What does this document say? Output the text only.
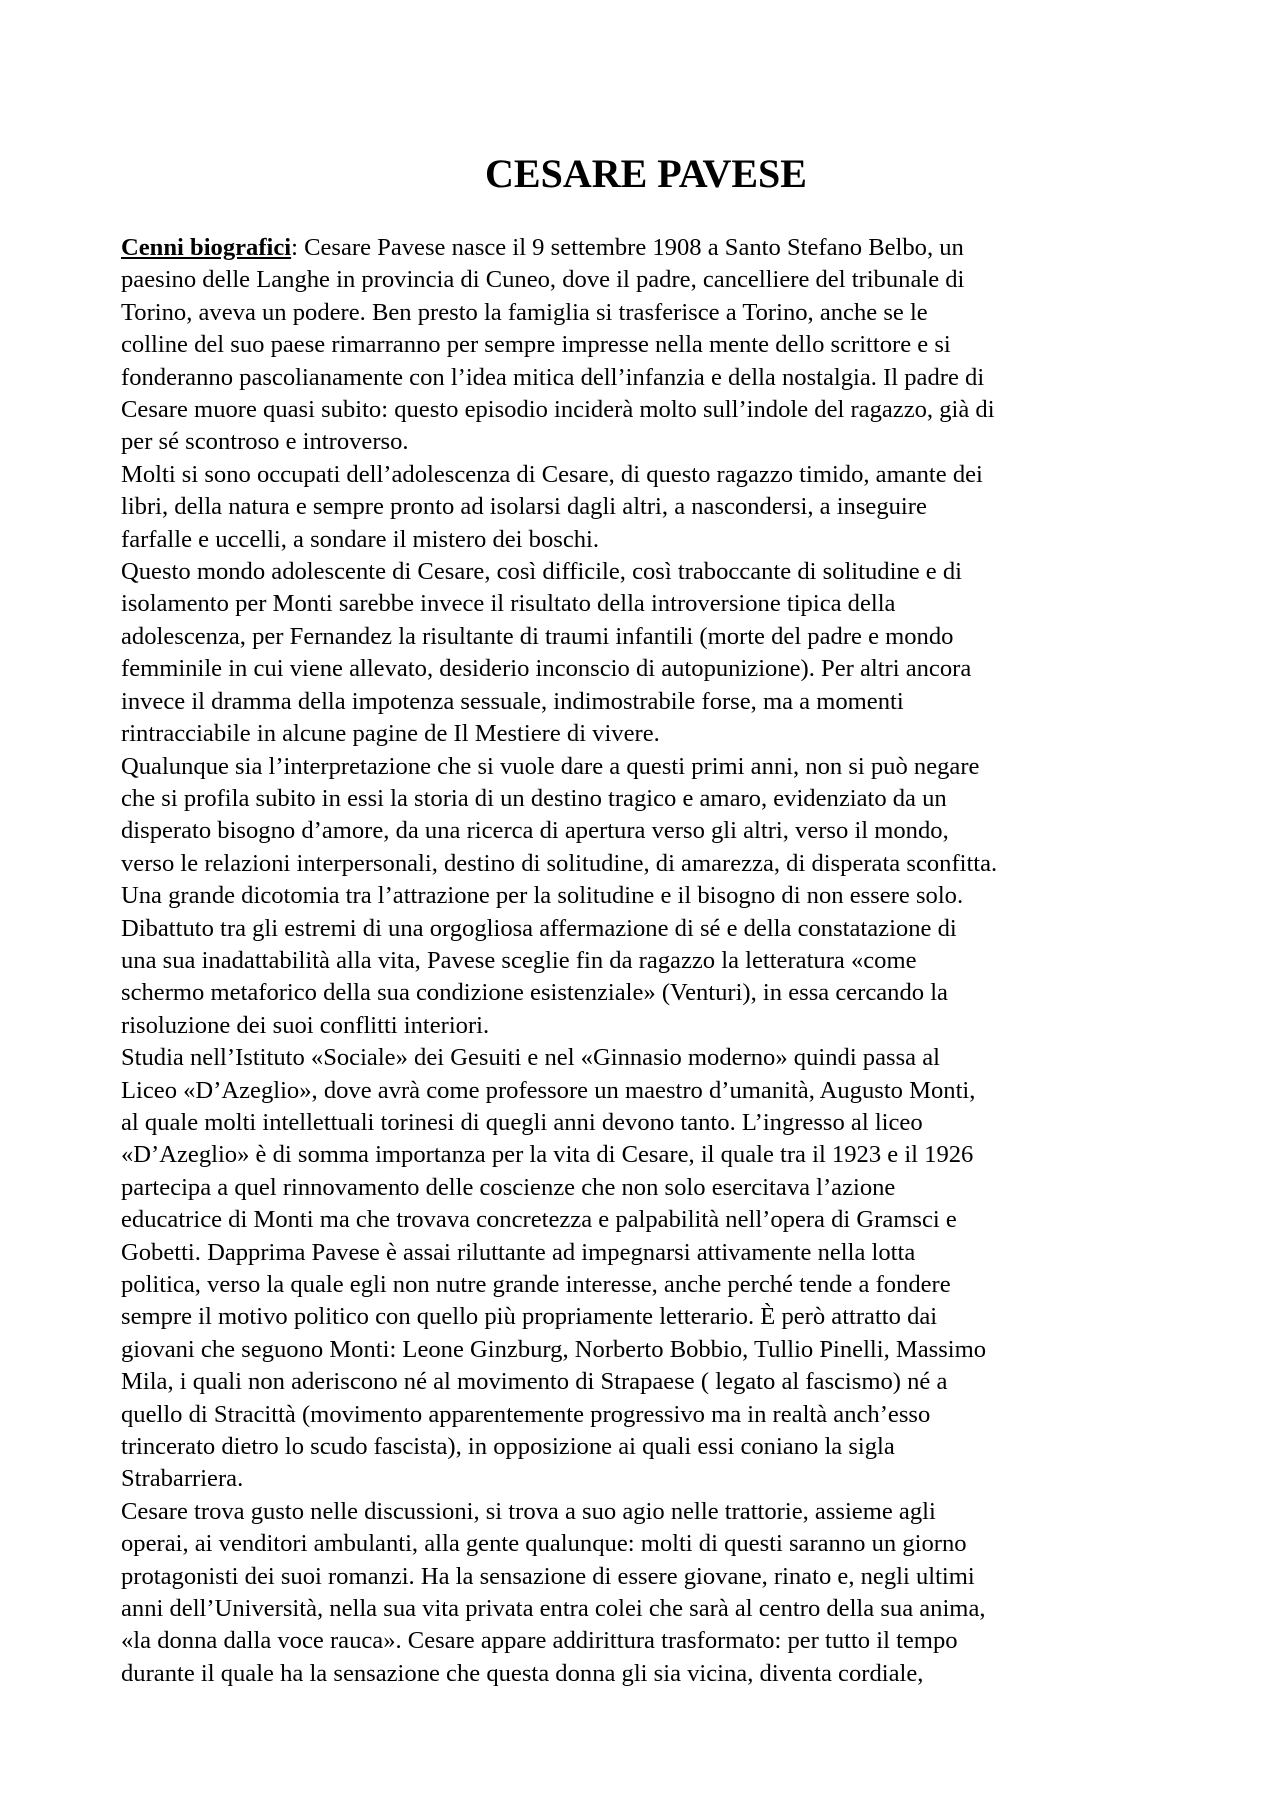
CESARE PAVESE
Cenni biografici: Cesare Pavese nasce il 9 settembre 1908 a Santo Stefano Belbo, un
paesino delle Langhe in provincia di Cuneo, dove il padre, cancelliere del tribunale di
Torino, aveva un podere. Ben presto la famiglia si trasferisce a Torino, anche se le
colline del suo paese rimarranno per sempre impresse nella mente dello scrittore e si
fonderanno pascolianamente con l’idea mitica dell’infanzia e della nostalgia. Il padre di
Cesare muore quasi subito: questo episodio inciderà molto sull’indole del ragazzo, già di
per sé scontroso e introverso.
Molti si sono occupati dell’adolescenza di Cesare, di questo ragazzo timido, amante dei
libri, della natura e sempre pronto ad isolarsi dagli altri, a nascondersi, a inseguire
farfalle e uccelli, a sondare il mistero dei boschi.
Questo mondo adolescente di Cesare, così difficile, così traboccante di solitudine e di
isolamento per Monti sarebbe invece il risultato della introversione tipica della
adolescenza, per Fernandez la risultante di traumi infantili (morte del padre e mondo
femminile in cui viene allevato, desiderio inconscio di autopunizione). Per altri ancora
invece il dramma della impotenza sessuale, indimostrabile forse, ma a momenti
rintracciabile in alcune pagine de Il Mestiere di vivere.
Qualunque sia l’interpretazione che si vuole dare a questi primi anni, non si può negare
che si profila subito in essi la storia di un destino tragico e amaro, evidenziato da un
disperato bisogno d’amore, da una ricerca di apertura verso gli altri, verso il mondo,
verso le relazioni interpersonali, destino di solitudine, di amarezza, di disperata sconfitta.
Una grande dicotomia tra l’attrazione per la solitudine e il bisogno di non essere solo.
Dibattuto tra gli estremi di una orgogliosa affermazione di sé e della constatazione di
una sua inadattabilità alla vita, Pavese sceglie fin da ragazzo la letteratura «come
schermo metaforico della sua condizione esistenziale» (Venturi), in essa cercando la
risoluzione dei suoi conflitti interiori.
Studia nell’Istituto «Sociale» dei Gesuiti e nel «Ginnasio moderno» quindi passa al
Liceo «D’Azeglio», dove avrà come professore un maestro d’umanità, Augusto Monti,
al quale molti intellettuali torinesi di quegli anni devono tanto. L’ingresso al liceo
«D’Azeglio» è di somma importanza per la vita di Cesare, il quale tra il 1923 e il 1926
partecipa a quel rinnovamento delle coscienze che non solo esercitava l’azione
educatrice di Monti ma che trovava concretezza e palpabilità nell’opera di Gramsci e
Gobetti. Dapprima Pavese è assai riluttante ad impegnarsi attivamente nella lotta
politica, verso la quale egli non nutre grande interesse, anche perché tende a fondere
sempre il motivo politico con quello più propriamente letterario. È però attratto dai
giovani che seguono Monti: Leone Ginzburg, Norberto Bobbio, Tullio Pinelli, Massimo
Mila, i quali non aderiscono né al movimento di Strapaese ( legato al fascismo) né a
quello di Stracittà (movimento apparentemente progressivo ma in realtà anch’esso
trincerato dietro lo scudo fascista), in opposizione ai quali essi coniano la sigla
Strabarriera.
Cesare trova gusto nelle discussioni, si trova a suo agio nelle trattorie, assieme agli
operai, ai venditori ambulanti, alla gente qualunque: molti di questi saranno un giorno
protagonisti dei suoi romanzi. Ha la sensazione di essere giovane, rinato e, negli ultimi
anni dell’Università, nella sua vita privata entra colei che sarà al centro della sua anima,
«la donna dalla voce rauca». Cesare appare addirittura trasformato: per tutto il tempo
durante il quale ha la sensazione che questa donna gli sia vicina, diventa cordiale,
